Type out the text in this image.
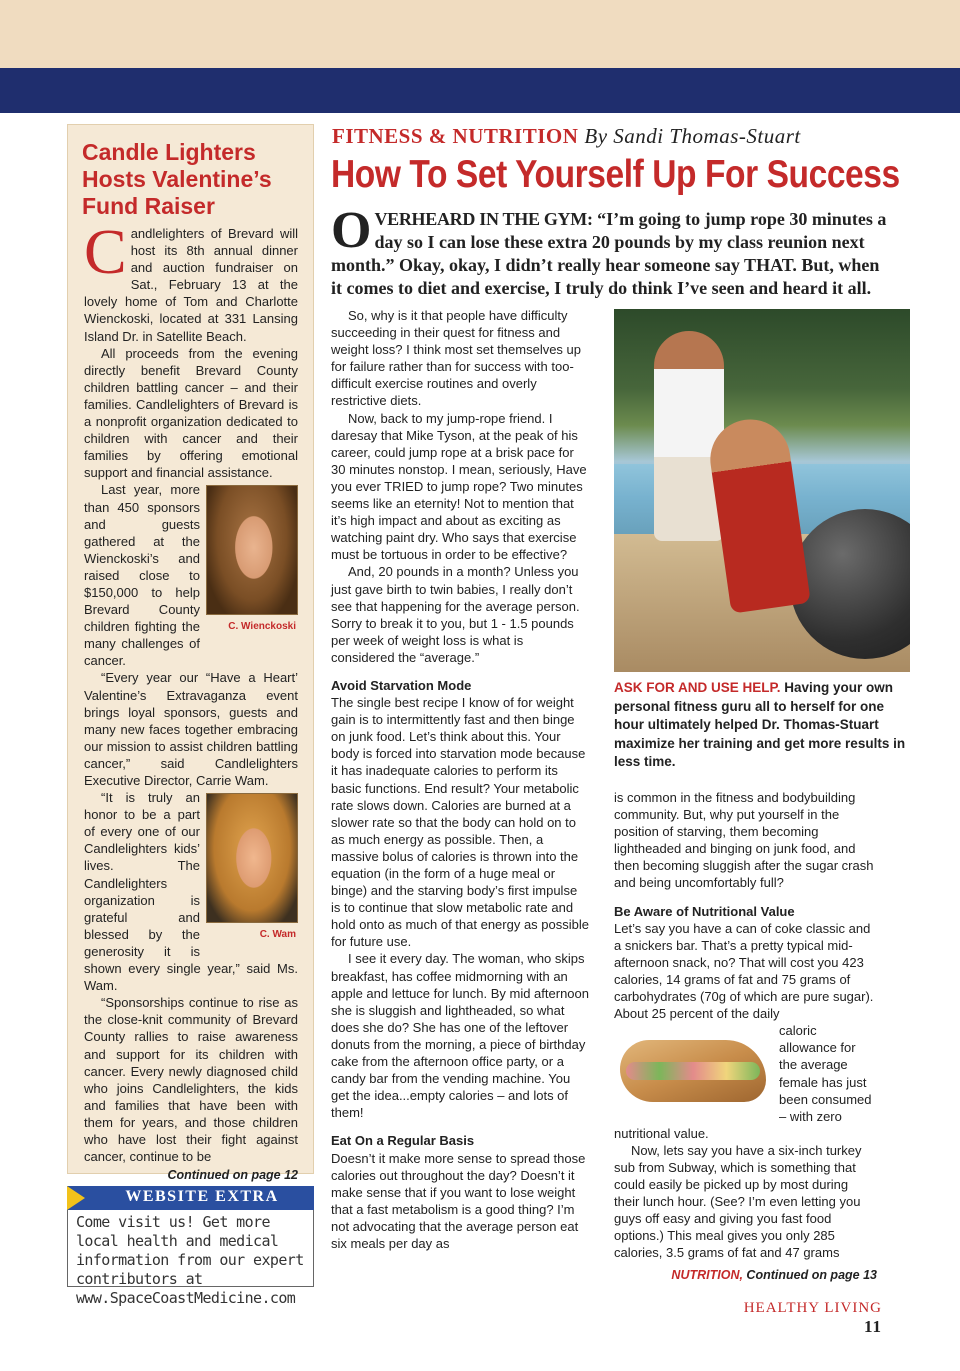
Candle Lighters Hosts Valentine’s Fund Raiser

Candlelighters of Brevard will host its 8th annual dinner and auction fundraiser on Sat., February 13 at the lovely home of Tom and Charlotte Wienckoski, located at 331 Lansing Island Dr. in Satellite Beach.

All proceeds from the evening directly benefit Brevard County children battling cancer – and their families. Candlelighters of Brevard is a nonprofit organization dedicated to children with cancer and their families by offering emotional support and financial assistance.

C. Wienckoski
Last year, more than 450 sponsors and guests gathered at the Wienckoski’s and raised close to $150,000 to help Brevard County children fighting the many challenges of cancer.

“Every year our “Have a Heart’ Valentine’s Extravaganza event brings loyal sponsors, guests and many new faces together embracing our mission to assist children battling cancer,” said Candlelighters Executive Director, Carrie Wam.

C. Wam
“It is truly an honor to be a part of every one of our Candlelighters kids’ lives. The Candlelighters organization is grateful and blessed by the generosity it is shown every single year,” said Ms. Wam.

“Sponsorships continue to rise as the close-knit community of Brevard County rallies to raise awareness and support for its children with cancer. Every newly diagnosed child who joins Candlelighters, the kids and families that have been with them for years, and those children who have lost their fight against cancer, continue to be

Continued on page 12
WEBSITE EXTRA
Come visit us! Get more local health and medical information from our expert contributors at www.SpaceCoastMedicine.com
FITNESS & NUTRITION By Sandi Thomas-Stuart
How To Set Yourself Up For Success
OVERHEARD IN THE GYM: “I’m going to jump rope 30 minutes a day so I can lose these extra 20 pounds by my class reunion next month.” Okay, okay, I didn’t really hear someone say THAT. But, when it comes to diet and exercise, I truly do think I’ve seen and heard it all.

So, why is it that people have difficulty succeeding in their quest for fitness and weight loss? I think most set themselves up for failure rather than for success with too-difficult exercise routines and overly restrictive diets.

Now, back to my jump-rope friend. I daresay that Mike Tyson, at the peak of his career, could jump rope at a brisk pace for 30 minutes nonstop. I mean, seriously, Have you ever TRIED to jump rope? Two minutes seems like an eternity! Not to mention that it’s high impact and about as exciting as watching paint dry. Who says that exercise must be tortuous in order to be effective?

And, 20 pounds in a month? Unless you just gave birth to twin babies, I really don’t see that happening for the average person. Sorry to break it to you, but 1 - 1.5 pounds per week of weight loss is what is considered the “average.”

Avoid Starvation Mode

The single best recipe I know of for weight gain is to intermittently fast and then binge on junk food. Let’s think about this. Your body is forced into starvation mode because it has inadequate calories to perform its basic functions. End result? Your metabolic rate slows down. Calories are burned at a slower rate so that the body can hold on to as much energy as possible. Then, a massive bolus of calories is thrown into the equation (in the form of a huge meal or binge) and the starving body’s first impulse is to continue that slow metabolic rate and hold onto as much of that energy as possible for future use.

I see it every day. The woman, who skips breakfast, has coffee midmorning with an apple and lettuce for lunch. By mid afternoon she is sluggish and lightheaded, so what does she do? She has one of the leftover donuts from the morning, a piece of birthday cake from the afternoon office party, or a candy bar from the vending machine. You get the idea...empty calories – and lots of them!

Eat On a Regular Basis

Doesn’t it make more sense to spread those calories out throughout the day? Doesn’t it make sense that if you want to lose weight that a fast metabolism is a good thing? I’m not advocating that the average person eat six meals per day as

ASK FOR AND USE HELP. Having your own personal fitness guru all to herself for one hour ultimately helped Dr. Thomas-Stuart maximize her training and get more results in less time.

is common in the fitness and bodybuilding community. But, why put yourself in the position of starving, them becoming lightheaded and binging on junk food, and then becoming sluggish after the sugar crash and being uncomfortably full?

Be Aware of Nutritional Value

Let’s say you have a can of coke classic and a snickers bar. That’s a pretty typical mid-afternoon snack, no? That will cost you 423 calories, 14 grams of fat and 75 grams of carbohydrates (70g of which are pure sugar). About 25 percent of the daily

caloric allowance for the average female has just been consumed – with zero nutritional value.

Now, lets say you have a six-inch turkey sub from Subway, which is something that could easily be picked up by most during their lunch hour. (See? I’m even letting you guys off easy and giving you fast food options.) This meal gives you only 285 calories, 3.5 grams of fat and 47 grams

NUTRITION, Continued on page 13
HEALTHY LIVING 11
